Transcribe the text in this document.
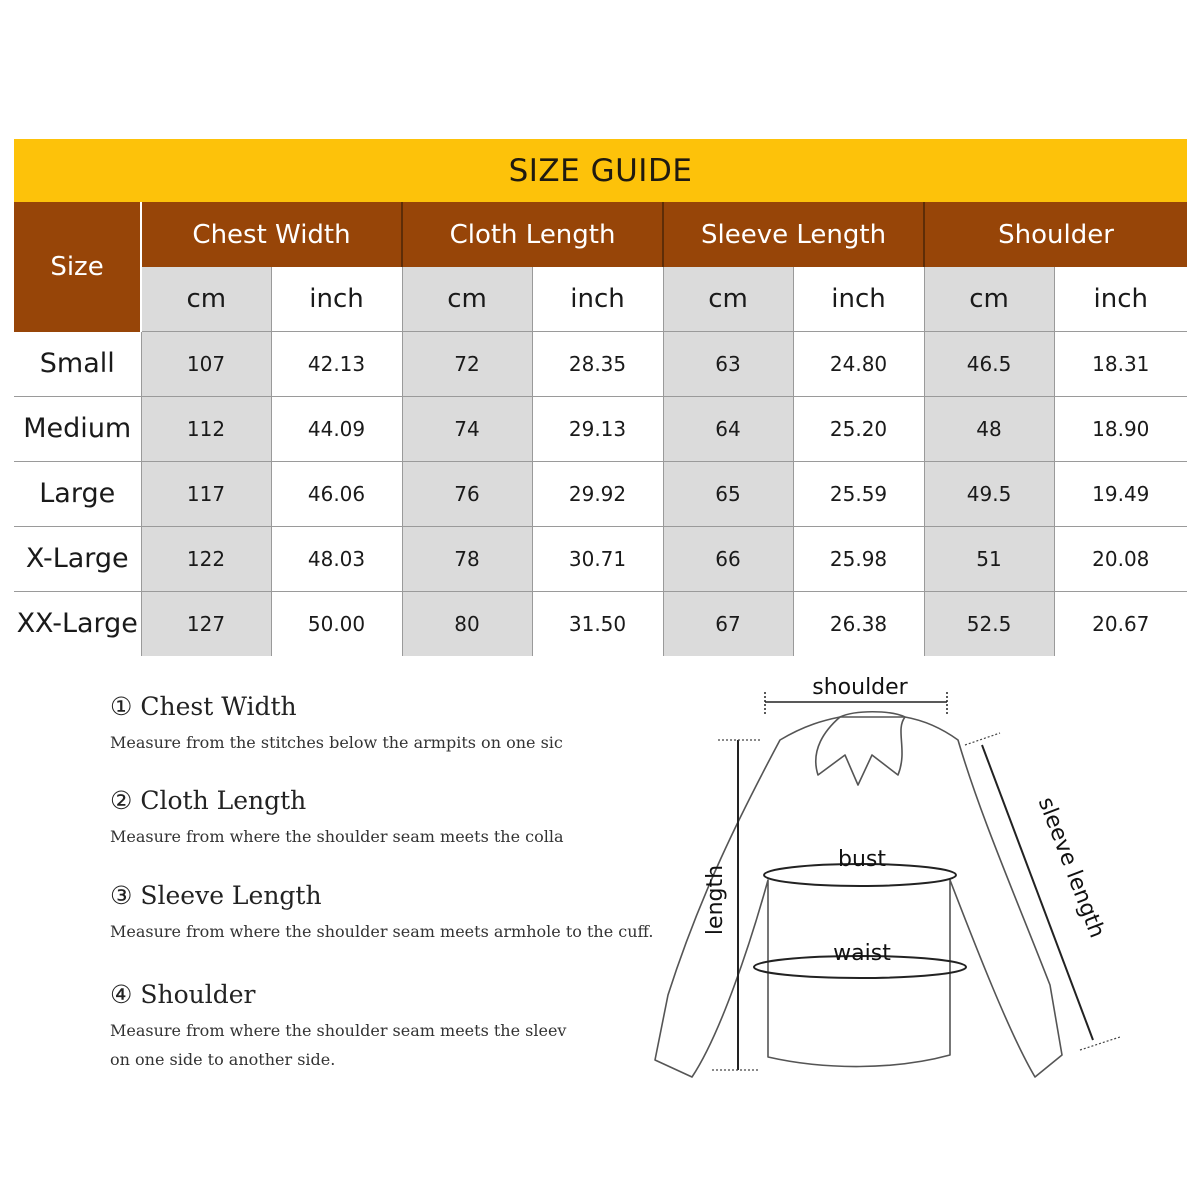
SIZE GUIDE
Size	Chest Width		Cloth Length		Sleeve Length		Shoulder	
	cm	inch	cm	inch	cm	inch	cm	inch
Small	107	42.13	72	28.35	63	24.80	46.5	18.31
Medium	112	44.09	74	29.13	64	25.20	48	18.90
Large	117	46.06	76	29.92	65	25.59	49.5	19.49
X-Large	122	48.03	78	30.71	66	25.98	51	20.08
XX-Large	127	50.00	80	31.50	67	26.38	52.5	20.67
① Chest Width
Measure from the stitches below the armpits on one sic
② Cloth Length
Measure from where the shoulder seam meets the colla
③ Sleeve Length
Measure from where the shoulder seam meets armhole to the cuff.
④ Shoulder
Measure from where the shoulder seam meets the sleev
on one side to another side.
shoulder
length	sleeve length
bust
waist
